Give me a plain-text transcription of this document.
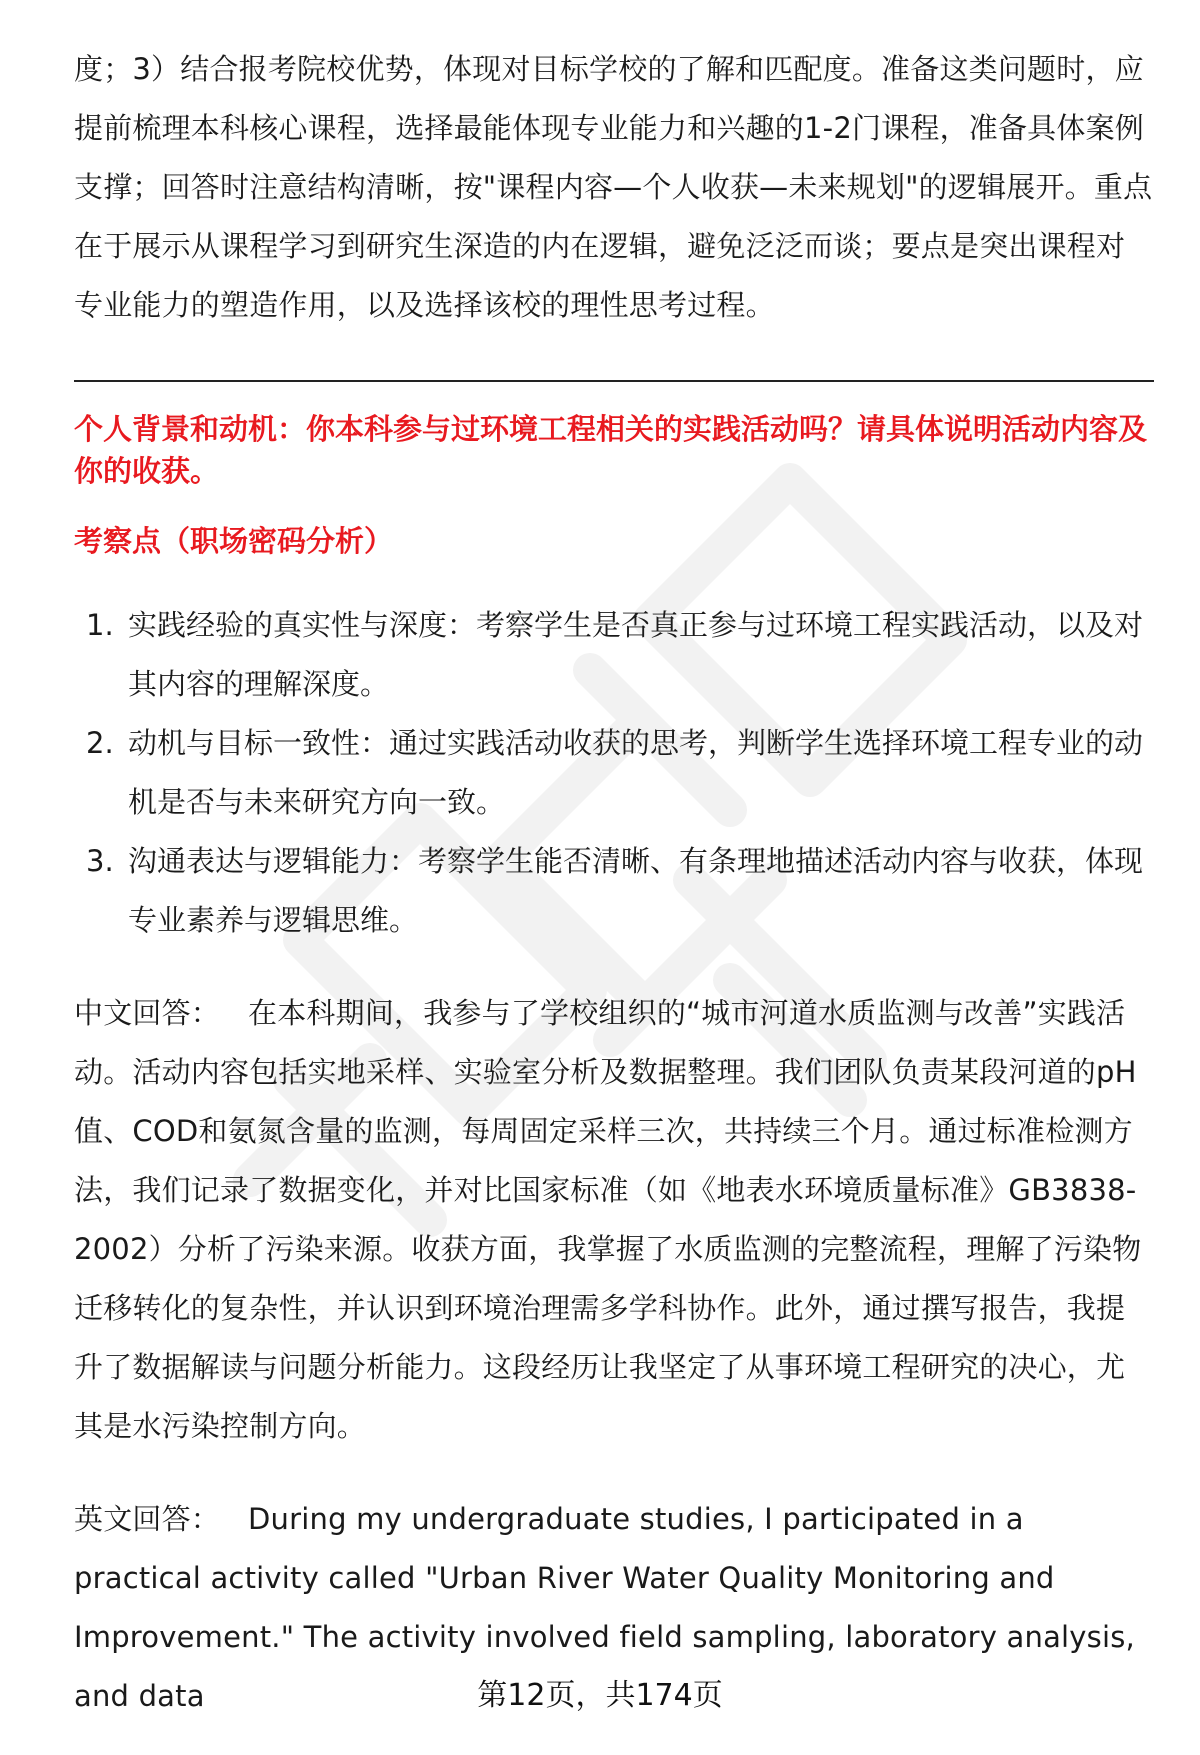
度；3）结合报考院校优势，体现对目标学校的了解和匹配度。准备这类问题时，应提前梳理本科核心课程，选择最能体现专业能力和兴趣的1-2门课程，准备具体案例支撑；回答时注意结构清晰，按"课程内容—个人收获—未来规划"的逻辑展开。重点在于展示从课程学习到研究生深造的内在逻辑，避免泛泛而谈；要点是突出课程对专业能力的塑造作用，以及选择该校的理性思考过程。

个人背景和动机：你本科参与过环境工程相关的实践活动吗？请具体说明活动内容及你的收获。

考察点（职场密码分析）

1. 实践经验的真实性与深度：考察学生是否真正参与过环境工程实践活动，以及对其内容的理解深度。
2. 动机与目标一致性：通过实践活动收获的思考，判断学生选择环境工程专业的动机是否与未来研究方向一致。
3. 沟通表达与逻辑能力：考察学生能否清晰、有条理地描述活动内容与收获，体现专业素养与逻辑思维。

中文回答： 在本科期间，我参与了学校组织的“城市河道水质监测与改善”实践活动。活动内容包括实地采样、实验室分析及数据整理。我们团队负责某段河道的pH值、COD和氨氮含量的监测，每周固定采样三次，共持续三个月。通过标准检测方法，我们记录了数据变化，并对比国家标准（如《地表水环境质量标准》GB3838-2002）分析了污染来源。收获方面，我掌握了水质监测的完整流程，理解了污染物迁移转化的复杂性，并认识到环境治理需多学科协作。此外，通过撰写报告，我提升了数据解读与问题分析能力。这段经历让我坚定了从事环境工程研究的决心，尤其是水污染控制方向。

英文回答： During my undergraduate studies, I participated in a practical activity called "Urban River Water Quality Monitoring and Improvement." The activity involved field sampling, laboratory analysis, and data	第12页，共174页
